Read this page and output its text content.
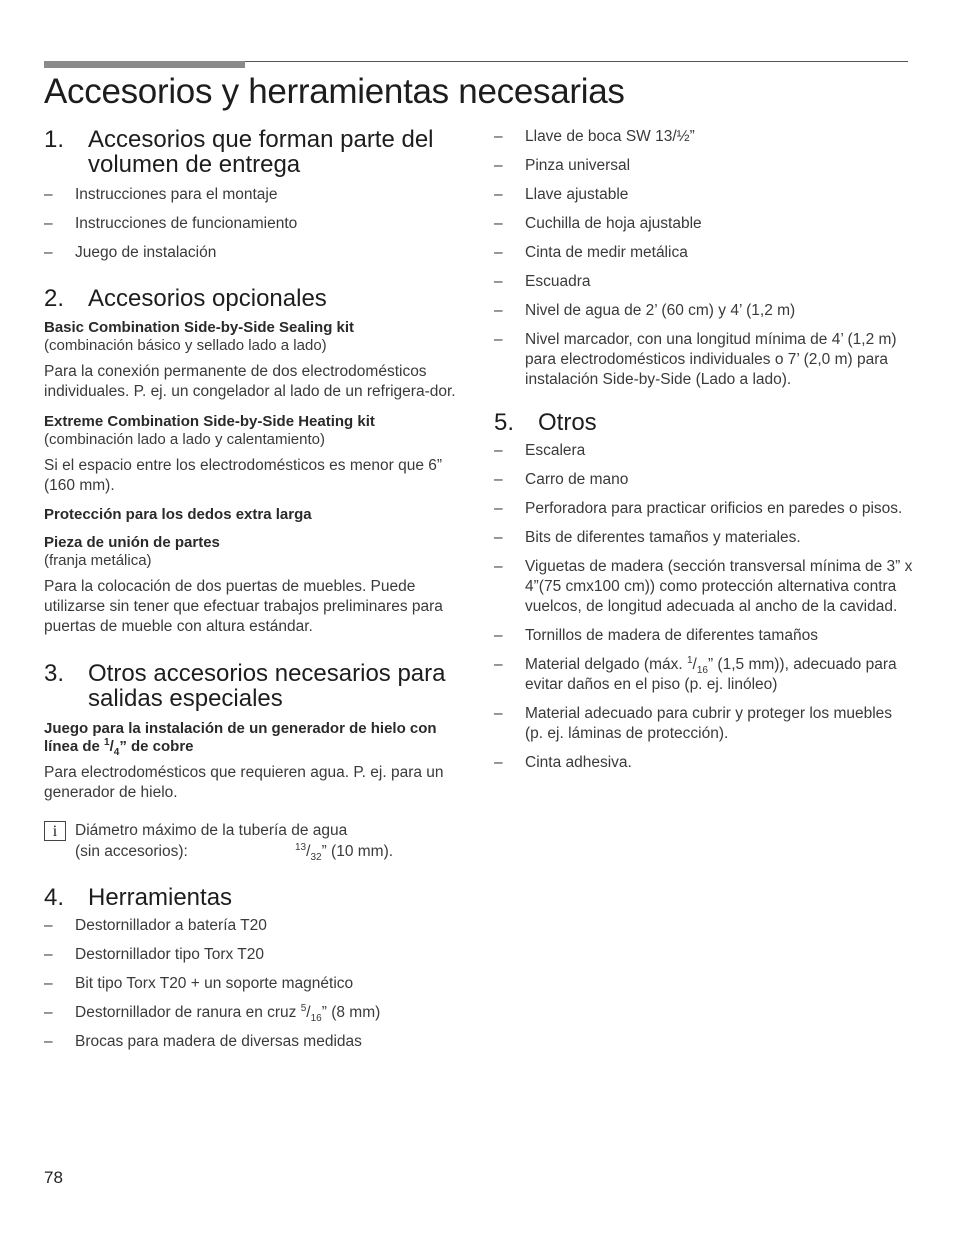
Accesorios y herramientas necesarias
1. Accesorios que forman parte del volumen de entrega
– Instrucciones para el montaje
– Instrucciones de funcionamiento
– Juego de instalación
2. Accesorios opcionales
Basic Combination Side-by-Side Sealing kit
(combinación básico y sellado lado a lado)

Para la conexión permanente de dos electrodomésticos individuales. P. ej. un congelador al lado de un refrigera-dor.

Extreme Combination Side-by-Side Heating kit
(combinación lado a lado y calentamiento)

Si el espacio entre los electrodomésticos es menor que 6” (160 mm).

Protección para los dedos extra larga
Pieza de unión de partes
(franja metálica)

Para la colocación de dos puertas de muebles. Puede utilizarse sin tener que efectuar trabajos preliminares para puertas de mueble con altura estándar.

3. Otros accesorios necesarios para salidas especiales
Juego para la instalación de un generador de hielo con línea de $^1/_4$” de cobre

Para electrodomésticos que requieren agua. P. ej. para un generador de hielo.

i	Diámetro máximo de la tubería de agua
(sin accesorios):	$^{13}/_{32}$” (10 mm).
4. Herramientas
– Destornillador a batería T20
– Destornillador tipo Torx T20
– Bit tipo Torx T20 + un soporte magnético
– Destornillador de ranura en cruz $^5/_{16}$” (8 mm)
– Brocas para madera de diversas medidas
– Llave de boca SW 13/½”
– Pinza universal
– Llave ajustable
– Cuchilla de hoja ajustable
– Cinta de medir metálica
– Escuadra
– Nivel de agua de 2’ (60 cm) y 4’ (1,2 m)
– Nivel marcador, con una longitud mínima de 4’ (1,2 m) para electrodomésticos individuales o 7’ (2,0 m) para instalación Side-by-Side (Lado a lado).
5. Otros
– Escalera
– Carro de mano
– Perforadora para practicar orificios en paredes o pisos.
– Bits de diferentes tamaños y materiales.
– Viguetas de madera (sección transversal mínima de 3” x 4”(75 cmx100 cm)) como protección alternativa contra vuelcos, de longitud adecuada al ancho de la cavidad.
– Tornillos de madera de diferentes tamaños
– Material delgado (máx. $^1/_{16}$” (1,5 mm)), adecuado para evitar daños en el piso (p. ej. linóleo)
– Material adecuado para cubrir y proteger los muebles (p. ej. láminas de protección).
– Cinta adhesiva.
78
